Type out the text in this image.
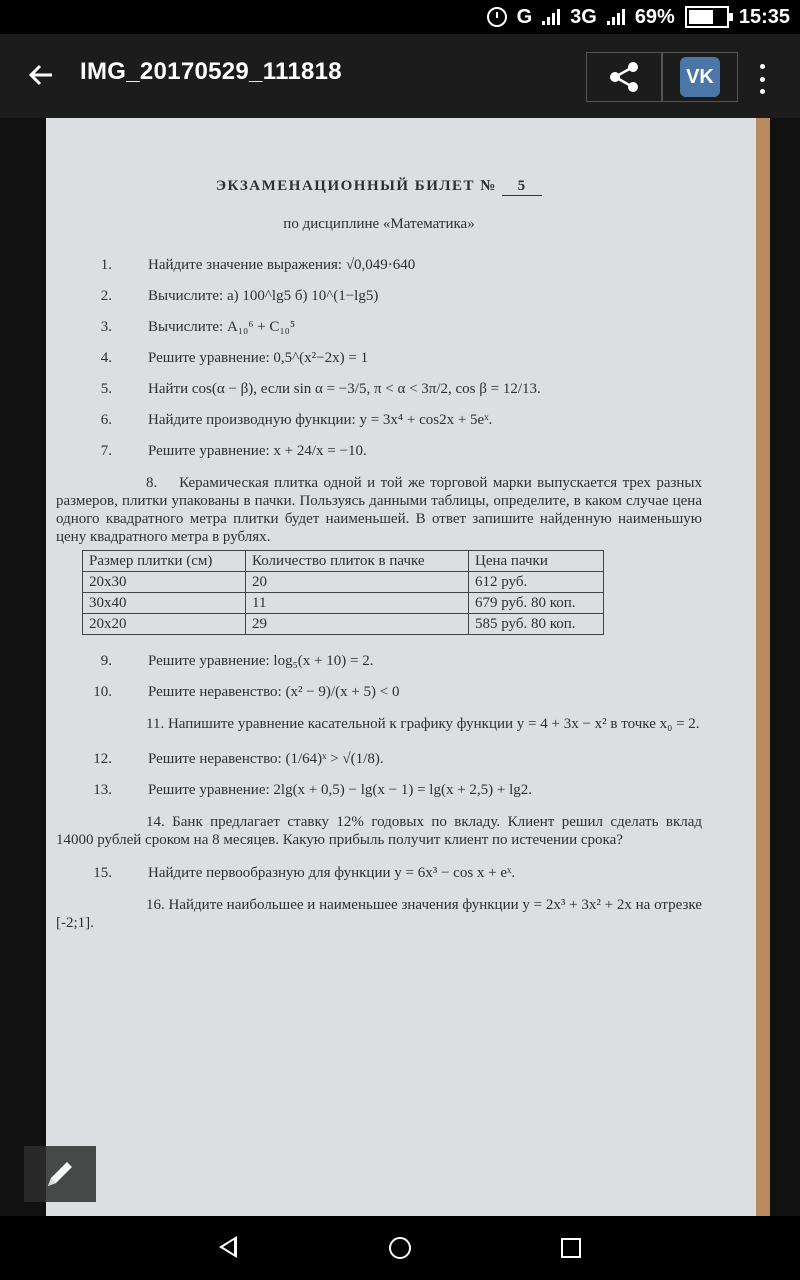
G 3G 69%	15:35
IMG_20170529_111818	VK
ЭКЗАМЕНАЦИОННЫЙ БИЛЕТ № 5
по дисциплине «Математика»
1.	Найдите значение выражения: √0,049·640
2.	Вычислите: а) 100^lg5 б) 10^(1−lg5)
3.	Вычислите: A₁₀⁶ + C₁₀⁵
4.	Решите уравнение: 0,5^(x²−2x) = 1
5.	Найти cos(α − β), если sin α = −3/5, π < α < 3π/2, cos β = 12/13.
6.	Найдите производную функции: y = 3x⁴ + cos2x + 5eˣ.
7.	Решите уравнение: x + 24/x = −10.
8. Керамическая плитка одной и той же торговой марки выпускается трех разных размеров, плитки упакованы в пачки. Пользуясь данными таблицы, определите, в каком случае цена одного квадратного метра плитки будет наименьшей. В ответ запишите найденную наименьшую цену квадратного метра в рублях.
Размер плитки (см)	Количество плиток в пачке	Цена пачки
20x30	20	612 руб.
30x40	11	679 руб. 80 коп.
20x20	29	585 руб. 80 коп.
9.	Решите уравнение: log₅(x + 10) = 2.
10.	Решите неравенство: (x² − 9)/(x + 5) < 0
11. Напишите уравнение касательной к графику функции y = 4 + 3x − x² в точке x₀ = 2.
12.	Решите неравенство: (1/64)ˣ > √(1/8).
13.	Решите уравнение: 2lg(x + 0,5) − lg(x − 1) = lg(x + 2,5) + lg2.
14. Банк предлагает ставку 12% годовых по вкладу. Клиент решил сделать вклад 14000 рублей сроком на 8 месяцев. Какую прибыль получит клиент по истечении срока?
15.	Найдите первообразную для функции y = 6x³ − cos x + eˣ.
16. Найдите наибольшее и наименьшее значения функции y = 2x³ + 3x² + 2x на отрезке [-2;1].
